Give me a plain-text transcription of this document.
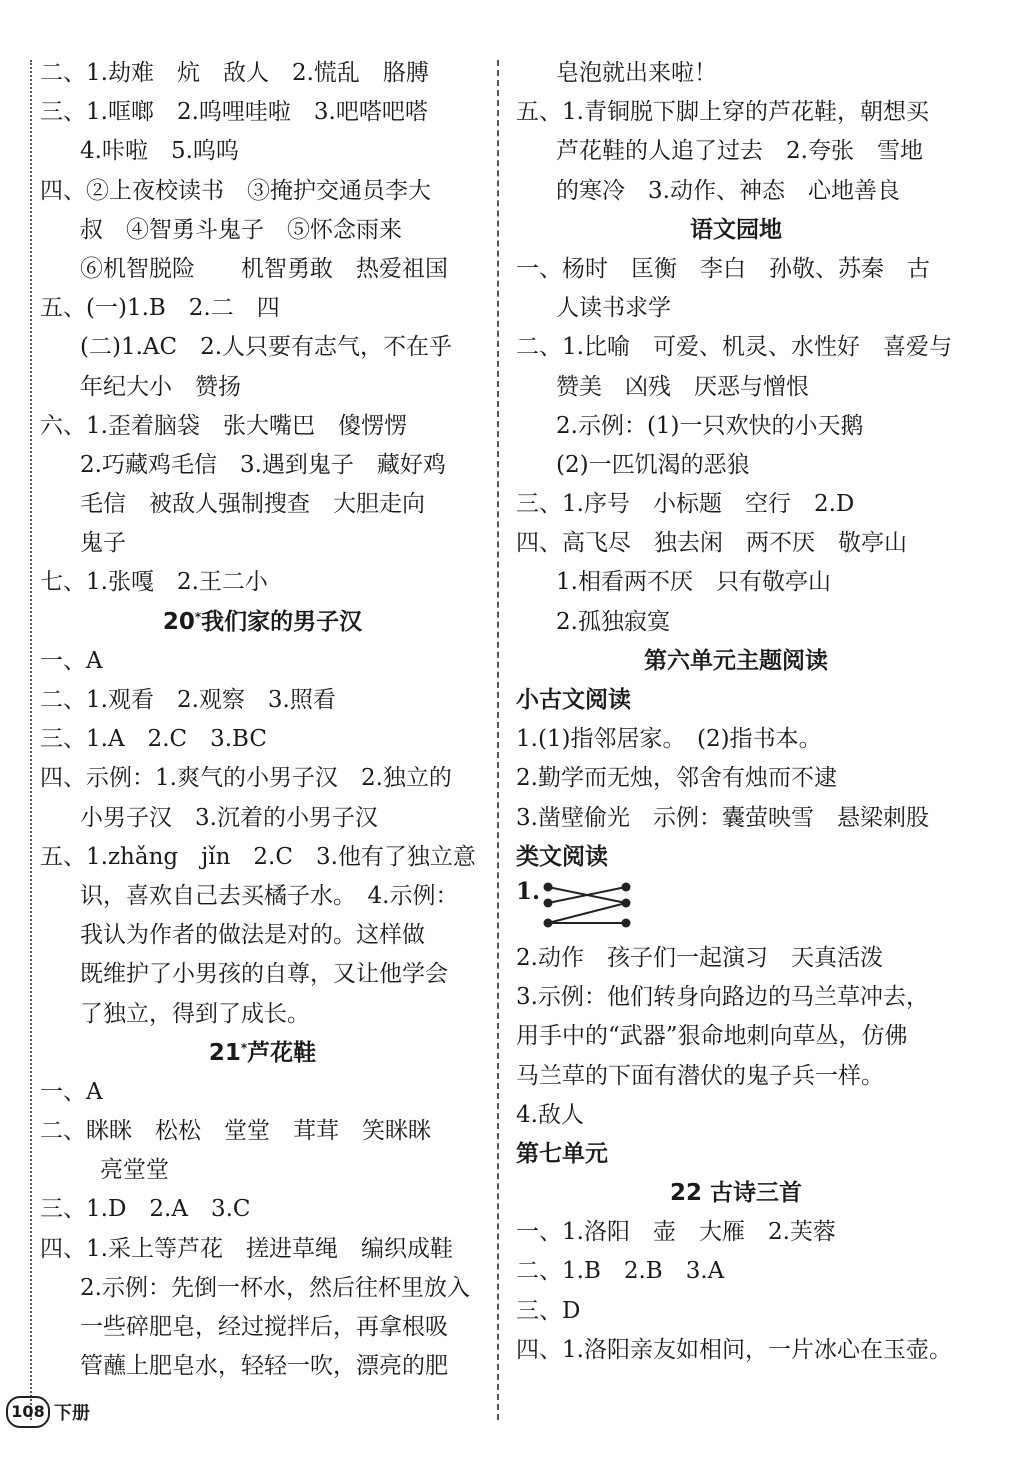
二、1.劫难　炕　敌人　2.慌乱　胳膊
三、1.哐啷　2.呜哩哇啦　3.吧嗒吧嗒
4.咔啦　5.呜呜
四、②上夜校读书　③掩护交通员李大
叔　④智勇斗鬼子　⑤怀念雨来
⑥机智脱险　　机智勇敢　热爱祖国
五、(一)1.B　2.二　四
(二)1.AC　2.人只要有志气，不在乎
年纪大小　赞扬
六、1.歪着脑袋　张大嘴巴　傻愣愣
2.巧藏鸡毛信　3.遇到鬼子　藏好鸡
毛信　被敌人强制搜查　大胆走向
鬼子
七、1.张嘎　2.王二小
20*我们家的男子汉
一、A
二、1.观看　2.观察　3.照看
三、1.A　2.C　3.BC
四、示例：1.爽气的小男子汉　2.独立的
小男子汉　3.沉着的小男子汉
五、1.zhǎng　jǐn　2.C　3.他有了独立意
识，喜欢自己去买橘子水。　4.示例：
我认为作者的做法是对的。这样做
既维护了小男孩的自尊，又让他学会
了独立，得到了成长。
21*芦花鞋
一、A
二、眯眯　松松　堂堂　茸茸　笑眯眯
亮堂堂
三、1.D　2.A　3.C
四、1.采上等芦花　搓进草绳　编织成鞋
2.示例：先倒一杯水，然后往杯里放入
一些碎肥皂，经过搅拌后，再拿根吸
管蘸上肥皂水，轻轻一吹，漂亮的肥
皂泡就出来啦！
五、1.青铜脱下脚上穿的芦花鞋，朝想买
芦花鞋的人追了过去　2.夸张　雪地
的寒冷　3.动作、神态　心地善良
语文园地
一、杨时　匡衡　李白　孙敬、苏秦　古
人读书求学
二、1.比喻　可爱、机灵、水性好　喜爱与
赞美　凶残　厌恶与憎恨
2.示例：(1)一只欢快的小天鹅
(2)一匹饥渴的恶狼
三、1.序号　小标题　空行　2.D
四、高飞尽　独去闲　两不厌　敬亭山
1.相看两不厌　只有敬亭山
2.孤独寂寞
第六单元主题阅读
小古文阅读
1.(1)指邻居家。　(2)指书本。
2.勤学而无烛，邻舍有烛而不逮
3.凿壁偷光　示例：囊萤映雪　悬梁刺股
类文阅读
1.
2.动作　孩子们一起演习　天真活泼
3.示例：他们转身向路边的马兰草冲去，
用手中的“武器”狠命地刺向草丛，仿佛
马兰草的下面有潜伏的鬼子兵一样。
4.敌人
第七单元
22 古诗三首
一、1.洛阳　壶　大雁　2.芙蓉
二、1.B　2.B　3.A
三、D
四、1.洛阳亲友如相问，一片冰心在玉壶。
108 下册
